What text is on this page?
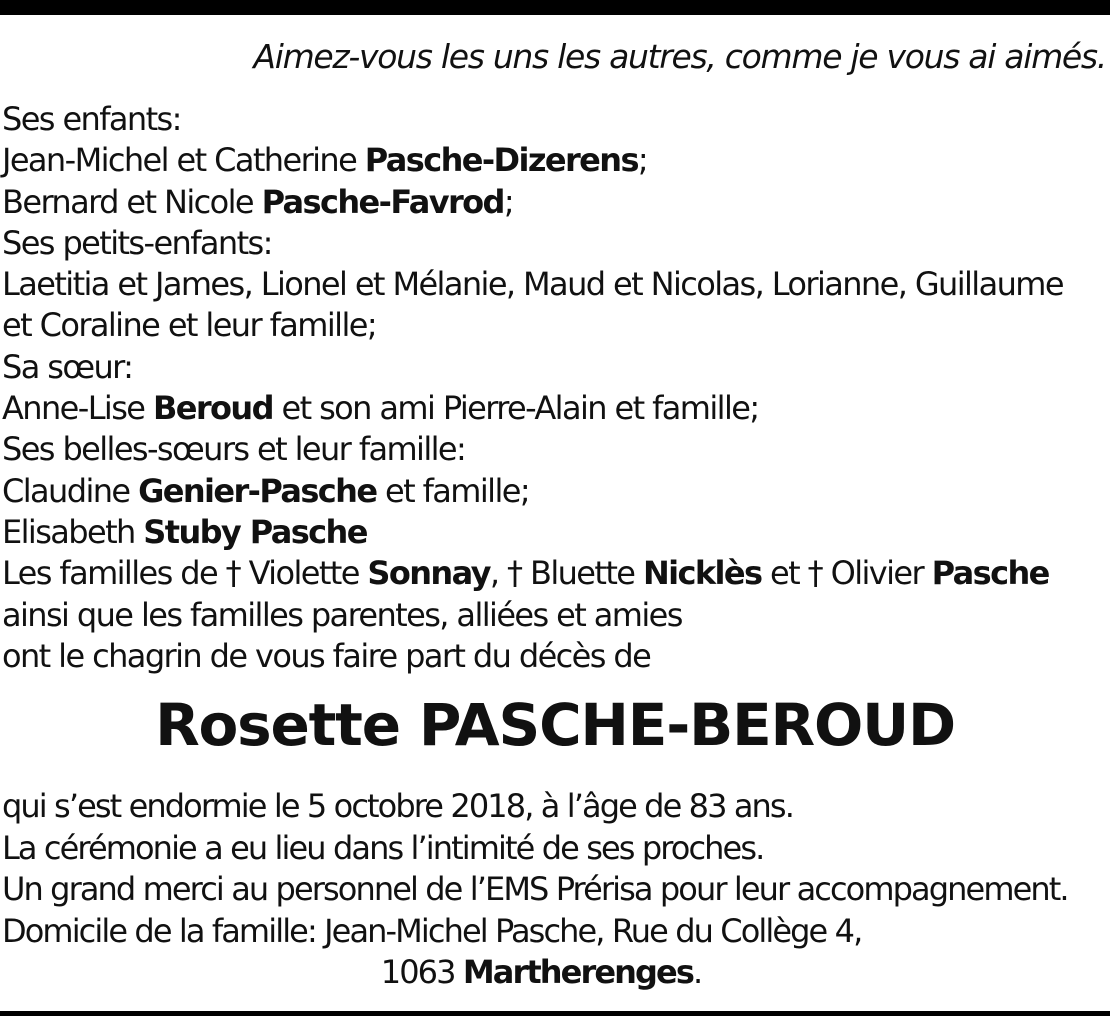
Aimez-vous les uns les autres, comme je vous ai aimés.
Ses enfants:
Jean-Michel et Catherine Pasche-Dizerens;
Bernard et Nicole Pasche-Favrod;
Ses petits-enfants:
Laetitia et James, Lionel et Mélanie, Maud et Nicolas, Lorianne, Guillaume
et Coraline et leur famille;
Sa sœur:
Anne-Lise Beroud et son ami Pierre-Alain et famille;
Ses belles-sœurs et leur famille:
Claudine Genier-Pasche et famille;
Elisabeth Stuby Pasche
Les familles de † Violette Sonnay, † Bluette Nicklès et † Olivier Pasche
ainsi que les familles parentes, alliées et amies
ont le chagrin de vous faire part du décès de
Rosette PASCHE-BEROUD
qui s’est endormie le 5 octobre 2018, à l’âge de 83 ans.
La cérémonie a eu lieu dans l’intimité de ses proches.
Un grand merci au personnel de l’EMS Prérisa pour leur accompagnement.
Domicile de la famille: Jean-Michel Pasche, Rue du Collège 4,
1063 Martherenges.
